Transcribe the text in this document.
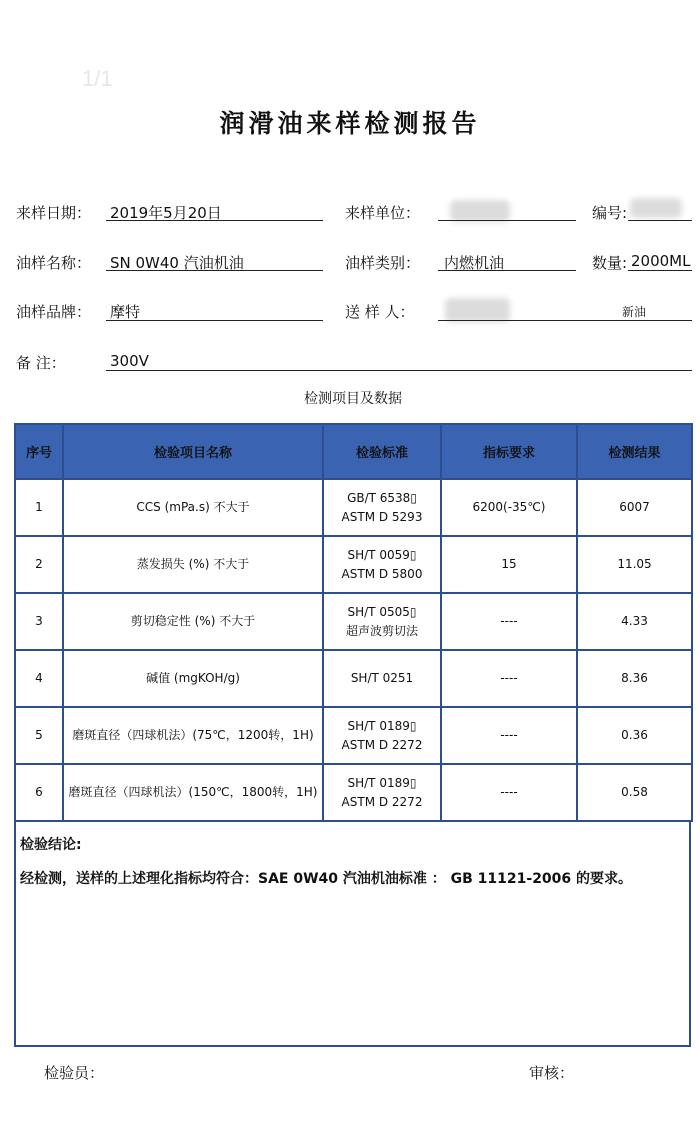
1/1
润滑油来样检测报告
来样日期： 2019年5月20日	来样单位：	编号:
油样名称： SN 0W40 汽油机油	油样类别： 内燃机油	数量: 2000ML
油样品牌： 摩特	送 样 人：	新油
备 注：	300V
检测项目及数据
序号	检验项目名称	检验标准	指标要求	检测结果
1	CCS (mPa.s) 不大于	GB/T 6538▯
ASTM D 5293	6200(-35℃)	6007
2	蒸发损失 (%) 不大于	SH/T 0059▯
ASTM D 5800	15	11.05
3	剪切稳定性 (%) 不大于	SH/T 0505▯
超声波剪切法	----	4.33
4	碱值 (mgKOH/g)	SH/T 0251	----	8.36
5	磨斑直径（四球机法）(75℃，1200转，1H)	SH/T 0189▯
ASTM D 2272	----	0.36
6	磨斑直径（四球机法）(150℃，1800转，1H)	SH/T 0189▯
ASTM D 2272	----	0.58
检验结论:
经检测，送样的上述理化指标均符合：SAE 0W40 汽油机油标准 ： GB 11121-2006 的要求。
检验员：	审核：
